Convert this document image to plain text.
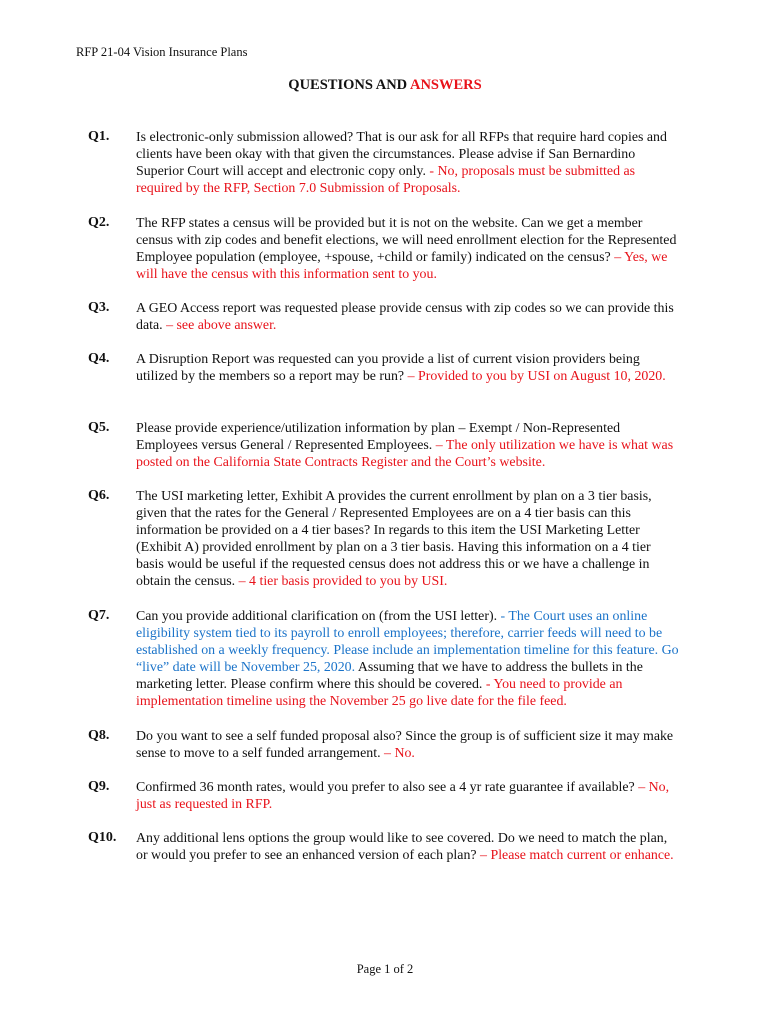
RFP 21-04 Vision Insurance Plans
QUESTIONS AND ANSWERS
Q1. Is electronic-only submission allowed? That is our ask for all RFPs that require hard copies and clients have been okay with that given the circumstances. Please advise if San Bernardino Superior Court will accept and electronic copy only. - No, proposals must be submitted as required by the RFP, Section 7.0 Submission of Proposals.
Q2. The RFP states a census will be provided but it is not on the website. Can we get a member census with zip codes and benefit elections, we will need enrollment election for the Represented Employee population (employee, +spouse, +child or family) indicated on the census? – Yes, we will have the census with this information sent to you.
Q3. A GEO Access report was requested please provide census with zip codes so we can provide this data. – see above answer.
Q4. A Disruption Report was requested can you provide a list of current vision providers being utilized by the members so a report may be run? – Provided to you by USI on August 10, 2020.
Q5. Please provide experience/utilization information by plan – Exempt / Non-Represented Employees versus General / Represented Employees. – The only utilization we have is what was posted on the California State Contracts Register and the Court’s website.
Q6. The USI marketing letter, Exhibit A provides the current enrollment by plan on a 3 tier basis, given that the rates for the General / Represented Employees are on a 4 tier basis can this information be provided on a 4 tier bases? In regards to this item the USI Marketing Letter (Exhibit A) provided enrollment by plan on a 3 tier basis. Having this information on a 4 tier basis would be useful if the requested census does not address this or we have a challenge in obtain the census. – 4 tier basis provided to you by USI.
Q7. Can you provide additional clarification on (from the USI letter). - The Court uses an online eligibility system tied to its payroll to enroll employees; therefore, carrier feeds will need to be established on a weekly frequency. Please include an implementation timeline for this feature. Go “live” date will be November 25, 2020. Assuming that we have to address the bullets in the marketing letter. Please confirm where this should be covered. - You need to provide an implementation timeline using the November 25 go live date for the file feed.
Q8. Do you want to see a self funded proposal also? Since the group is of sufficient size it may make sense to move to a self funded arrangement. – No.
Q9. Confirmed 36 month rates, would you prefer to also see a 4 yr rate guarantee if available? – No, just as requested in RFP.
Q10. Any additional lens options the group would like to see covered. Do we need to match the plan, or would you prefer to see an enhanced version of each plan? – Please match current or enhance.
Page 1 of 2
